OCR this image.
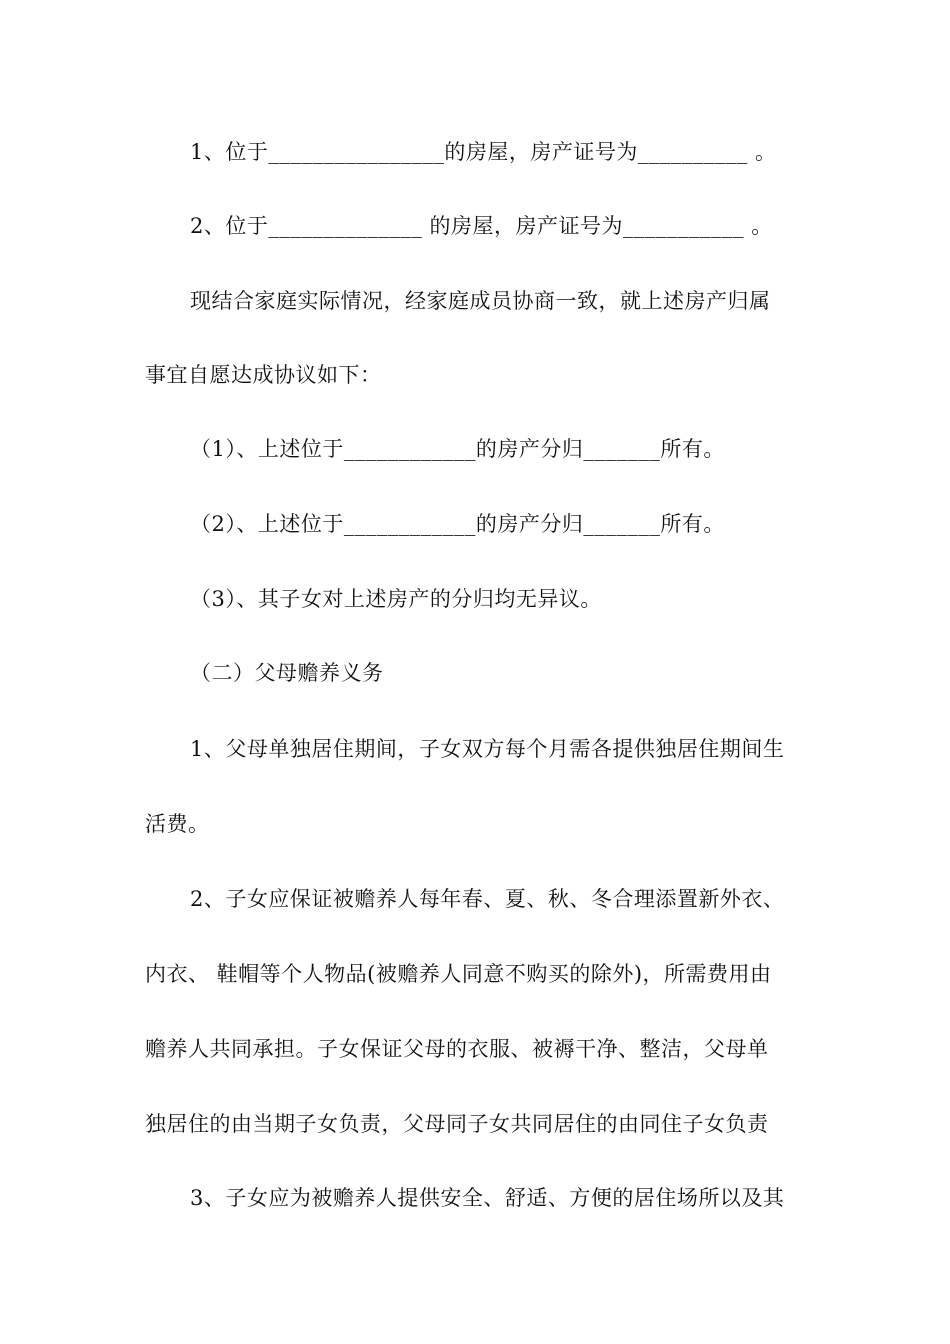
1、位于________________的房屋，房产证号为__________ 。
2、位于______________ 的房屋，房产证号为___________ 。
现结合家庭实际情况，经家庭成员协商一致，就上述房产归属
事宜自愿达成协议如下：
（1）、上述位于____________的房产分归_______所有。
（2）、上述位于____________的房产分归_______所有。
（3）、其子女对上述房产的分归均无异议。
（二）父母赡养义务
1、父母单独居住期间，子女双方每个月需各提供独居住期间生
活费。
2、子女应保证被赡养人每年春、夏、秋、冬合理添置新外衣、
内衣、 鞋帽等个人物品(被赡养人同意不购买的除外)，所需费用由
赡养人共同承担。子女保证父母的衣服、被褥干净、整洁，父母单
独居住的由当期子女负责，父母同子女共同居住的由同住子女负责
3、子女应为被赡养人提供安全、舒适、方便的居住场所以及其
